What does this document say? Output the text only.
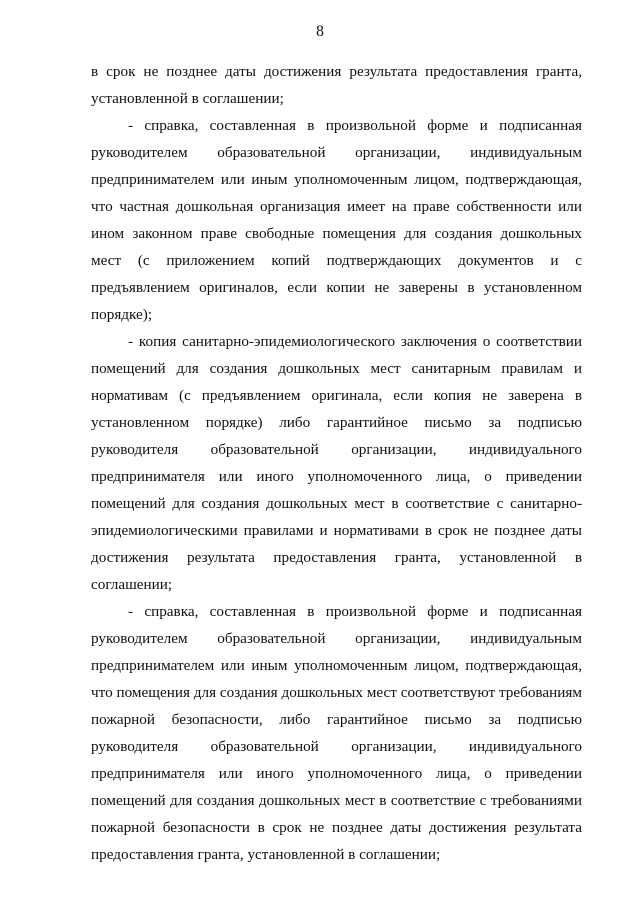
8

в срок не позднее даты достижения результата предоставления гранта, установленной в соглашении;

- справка, составленная в произвольной форме и подписанная руководителем образовательной организации, индивидуальным предпринимателем или иным уполномоченным лицом, подтверждающая, что частная дошкольная организация имеет на праве собственности или ином законном праве свободные помещения для создания дошкольных мест (с приложением копий подтверждающих документов и с предъявлением оригиналов, если копии не заверены в установленном порядке);

- копия санитарно-эпидемиологического заключения о соответствии помещений для создания дошкольных мест санитарным правилам и нормативам (с предъявлением оригинала, если копия не заверена в установленном порядке) либо гарантийное письмо за подписью руководителя образовательной организации, индивидуального предпринимателя или иного уполномоченного лица, о приведении помещений для создания дошкольных мест в соответствие с санитарно-эпидемиологическими правилами и нормативами в срок не позднее даты достижения результата предоставления гранта, установленной в соглашении;

- справка, составленная в произвольной форме и подписанная руководителем образовательной организации, индивидуальным предпринимателем или иным уполномоченным лицом, подтверждающая, что помещения для создания дошкольных мест соответствуют требованиям пожарной безопасности, либо гарантийное письмо за подписью руководителя образовательной организации, индивидуального предпринимателя или иного уполномоченного лица, о приведении помещений для создания дошкольных мест в соответствие с требованиями пожарной безопасности в срок не позднее даты достижения результата предоставления гранта, установленной в соглашении;
